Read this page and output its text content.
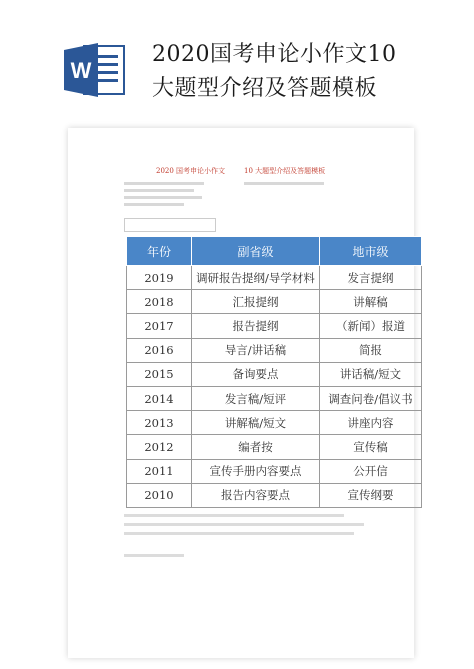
W
2020国考申论小作文10
大题型介绍及答题模板
2020 国考申论小作文	10 大题型介绍及答题模板
年份	副省级	地市级
2019	调研报告提纲/导学材料	发言提纲
2018	汇报提纲	讲解稿
2017	报告提纲	（新闻）报道
2016	导言/讲话稿	简报
2015	备询要点	讲话稿/短文
2014	发言稿/短评	调查问卷/倡议书
2013	讲解稿/短文	讲座内容
2012	编者按	宣传稿
2011	宣传手册内容要点	公开信
2010	报告内容要点	宣传纲要
